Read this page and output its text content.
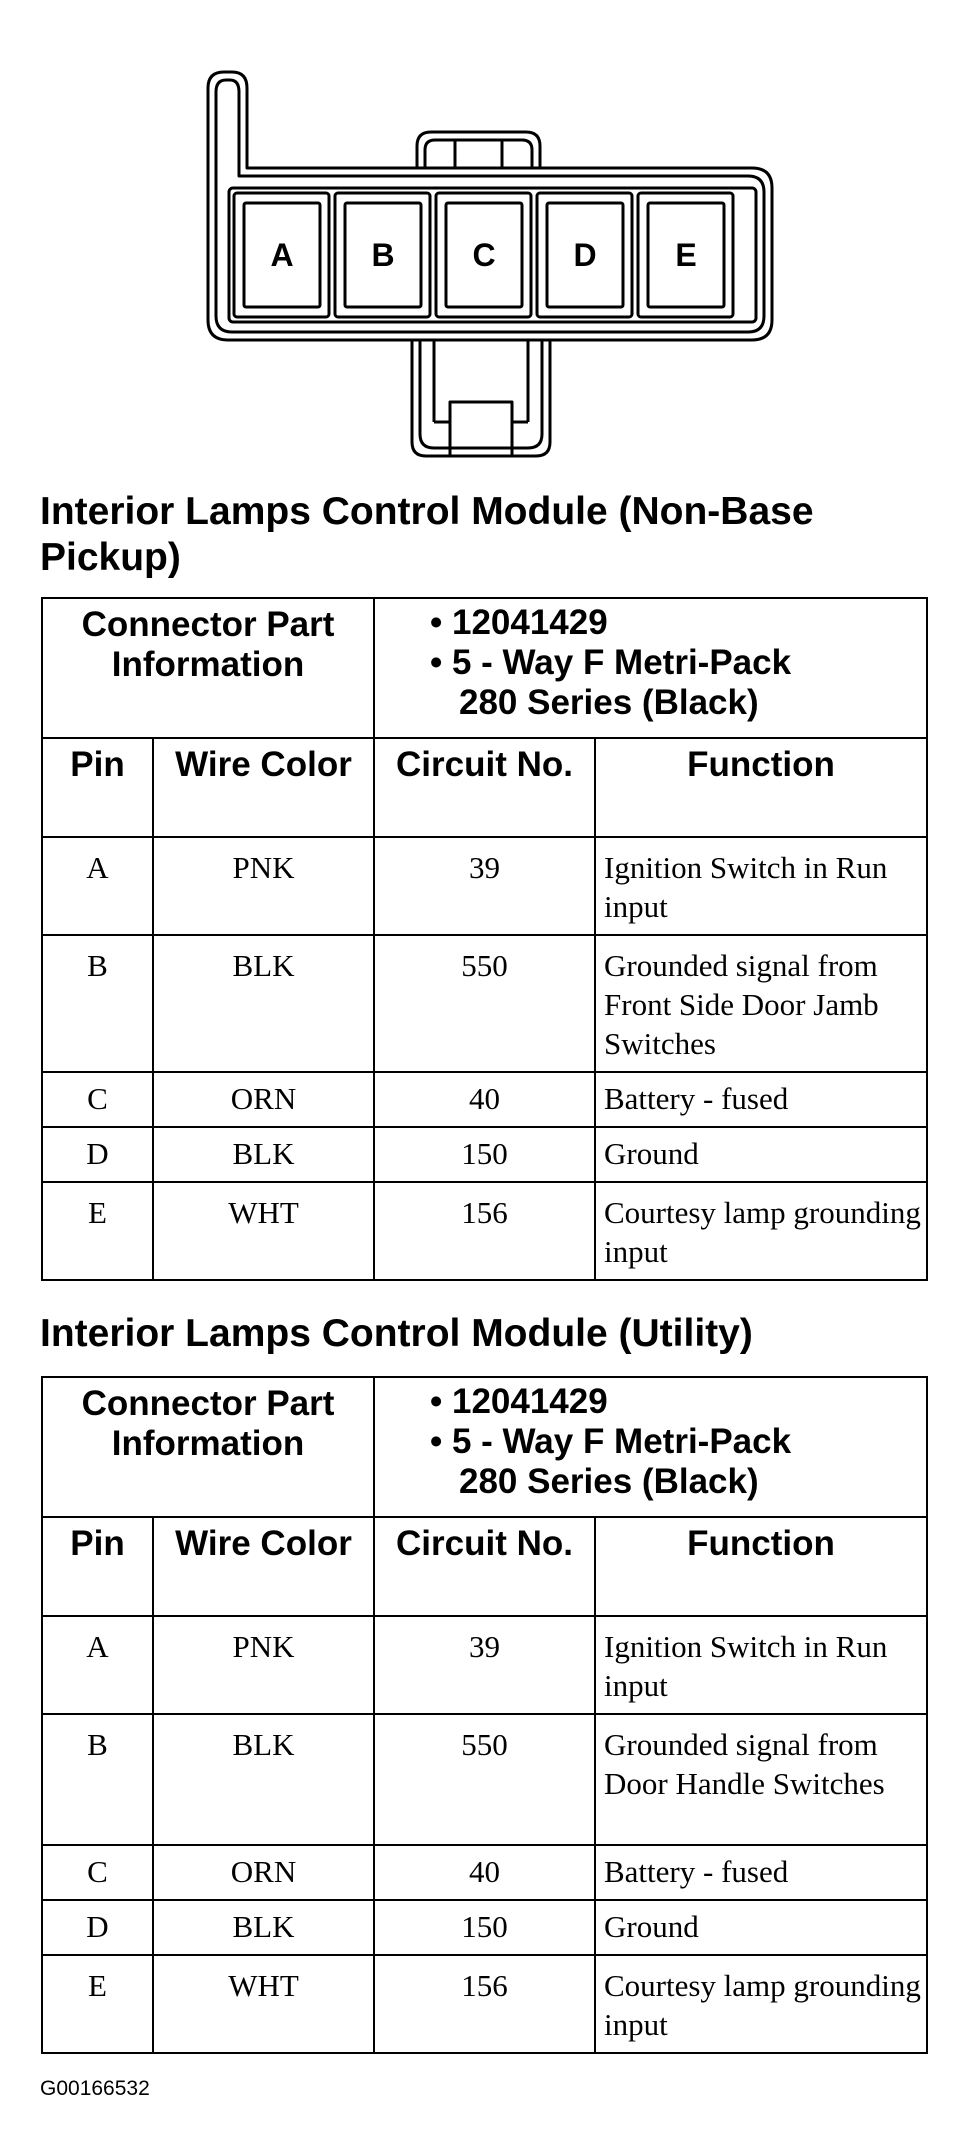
A B C D E
Interior Lamps Control Module (Non-Base Pickup)
Connector Part Information		• 12041429
• 5 - Way F Metri-Pack
280 Series (Black)	

Pin	Wire Color	Circuit No.	Function
A	PNK	39	Ignition Switch in Run input
B	BLK	550	Grounded signal from Front Side Door Jamb Switches
C	ORN	40	Battery - fused
D	BLK	150	Ground
E	WHT	156	Courtesy lamp grounding input
Interior Lamps Control Module (Utility)
Connector Part Information		• 12041429
• 5 - Way F Metri-Pack
280 Series (Black)	

Pin	Wire Color	Circuit No.	Function
A	PNK	39	Ignition Switch in Run input
B	BLK	550	Grounded signal from Door Handle Switches
C	ORN	40	Battery - fused
D	BLK	150	Ground
E	WHT	156	Courtesy lamp grounding input

G00166532
